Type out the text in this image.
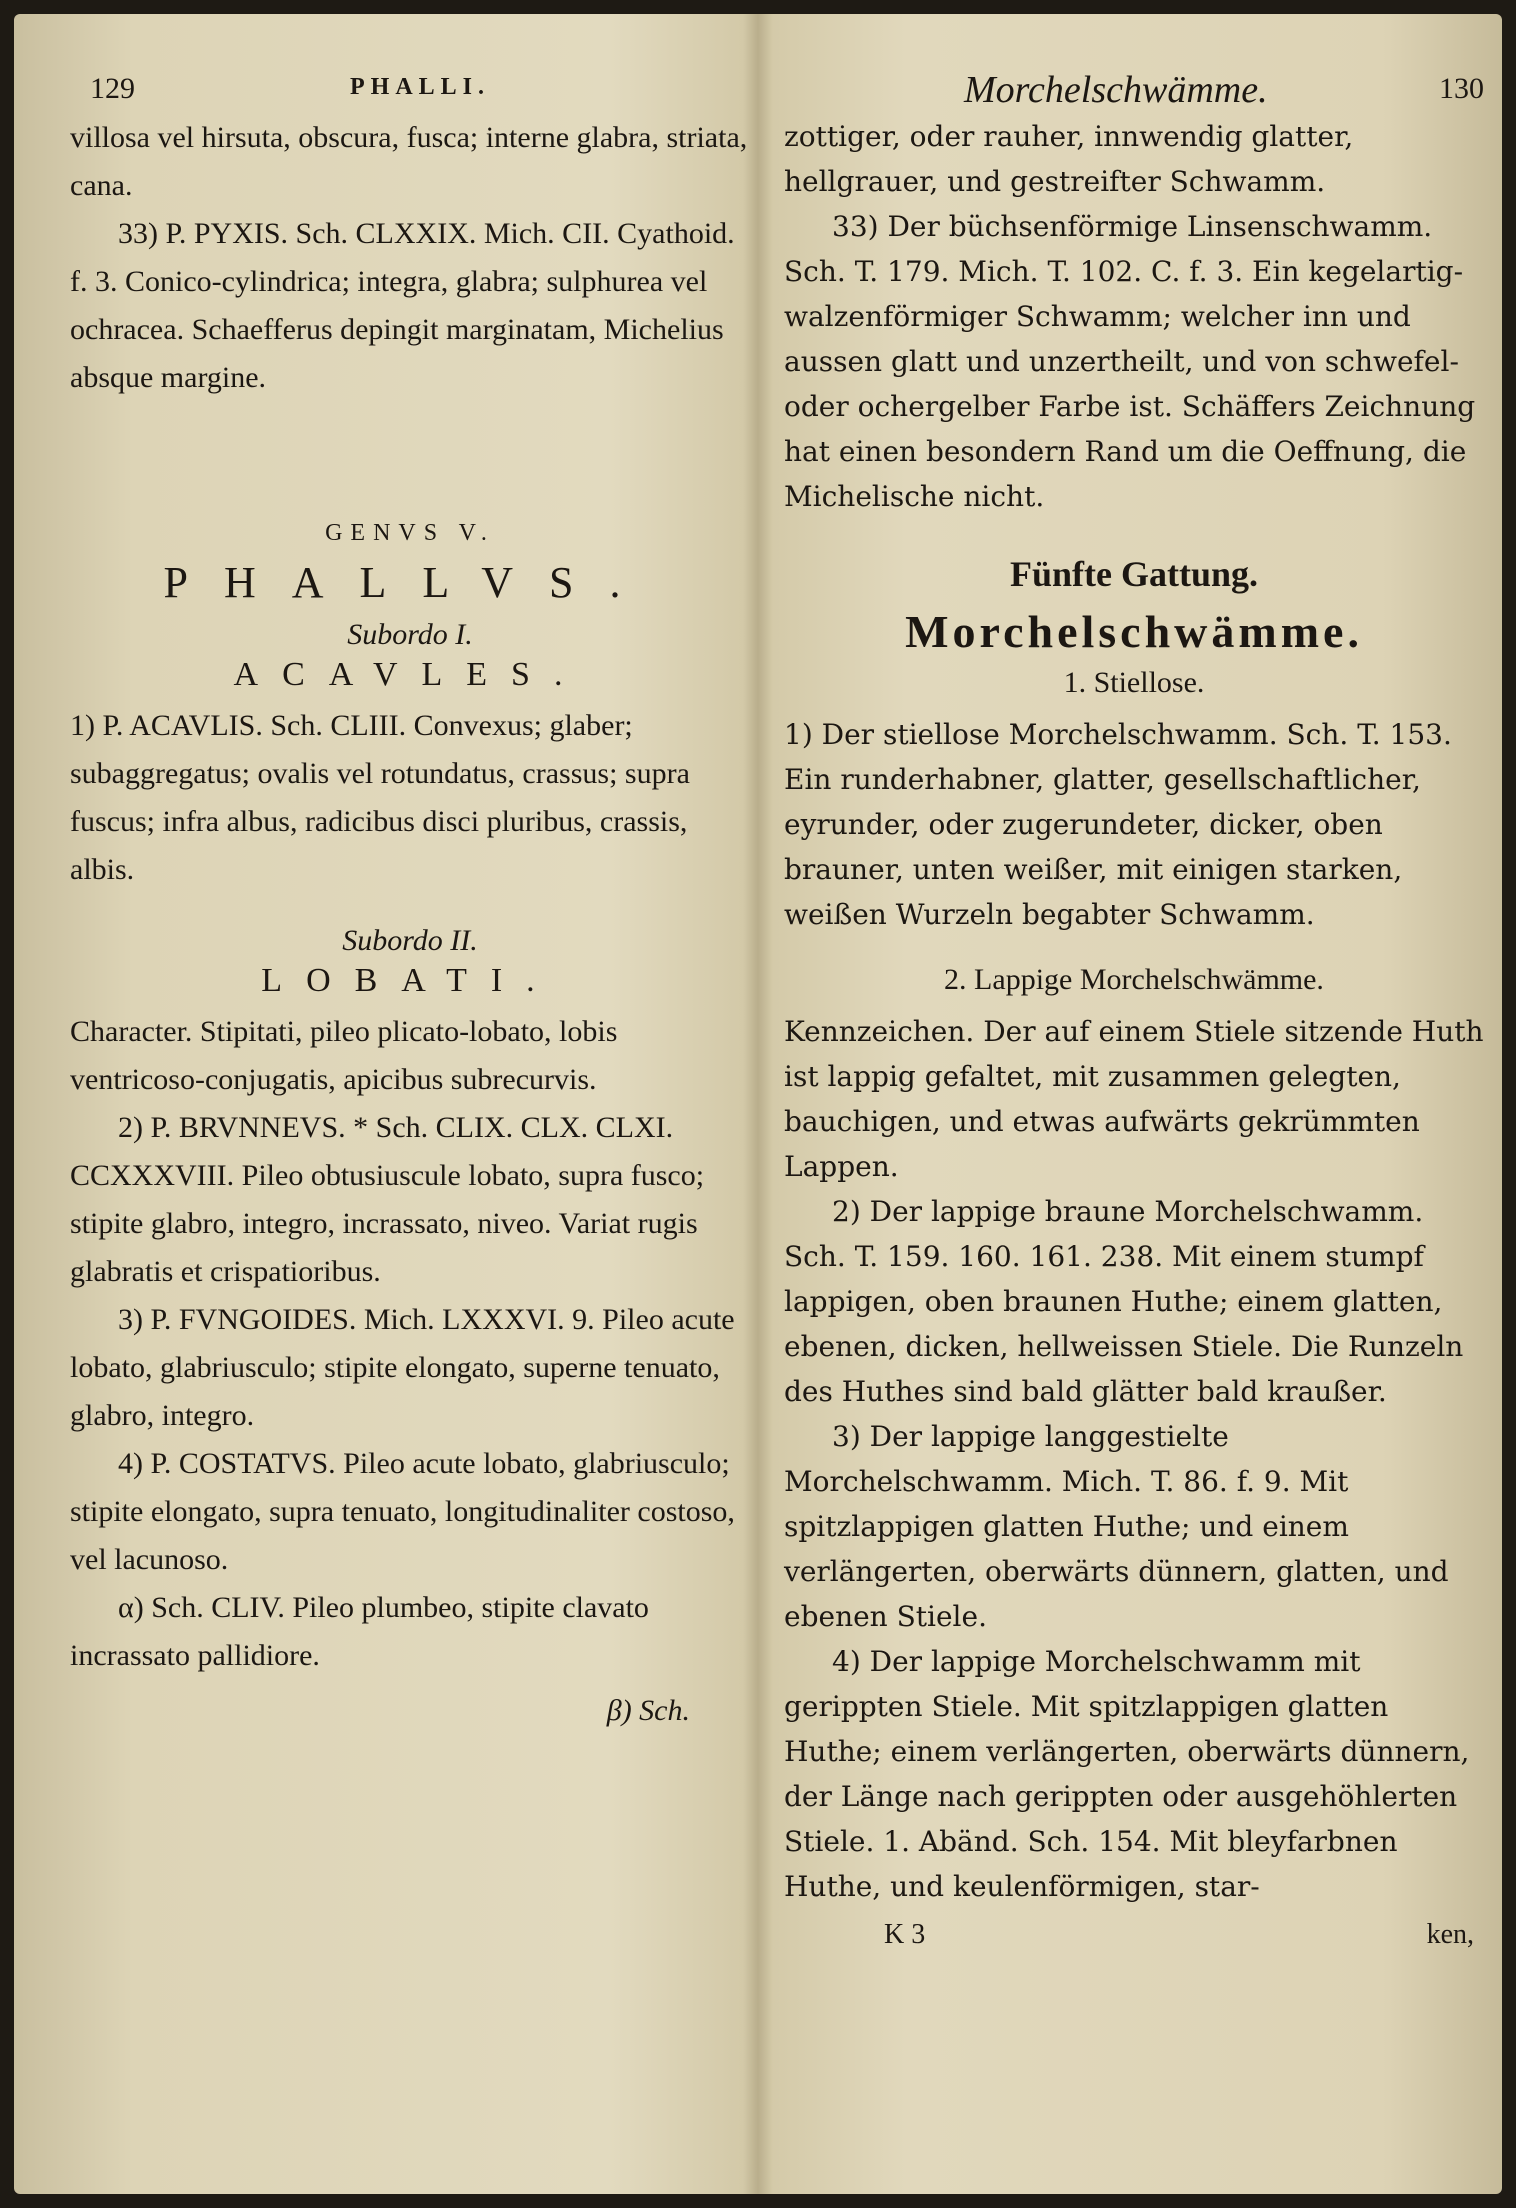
129	PHALLI.

villosa vel hirsuta, obscura, fusca; interne glabra, striata, cana.

33) P. PYXIS. Sch. CLXXIX. Mich. CII. Cyathoid. f. 3. Conico-cylindrica; integra, glabra; sulphurea vel ochracea. Schaefferus depingit marginatam, Michelius absque margine.

GENVS V.
PHALLVS.
Subordo I.
ACAVLES.

1) P. ACAVLIS. Sch. CLIII. Convexus; glaber; subaggregatus; ovalis vel rotundatus, crassus; supra fuscus; infra albus, radicibus disci pluribus, crassis, albis.

Subordo II.
LOBATI.

Character. Stipitati, pileo plicato-lobato, lobis ventricoso-conjugatis, apicibus subrecurvis.

2) P. BRVNNEVS. * Sch. CLIX. CLX. CLXI. CCXXXVIII. Pileo obtusiuscule lobato, supra fusco; stipite glabro, integro, incrassato, niveo. Variat rugis glabratis et crispatioribus.

3) P. FVNGOIDES. Mich. LXXXVI. 9. Pileo acute lobato, glabriusculo; stipite elongato, superne tenuato, glabro, integro.

4) P. COSTATVS. Pileo acute lobato, glabriusculo; stipite elongato, supra tenuato, longitudinaliter costoso, vel lacunoso.

α) Sch. CLIV. Pileo plumbeo, stipite clavato incrassato pallidiore.

β) Sch.
Morchelschwämme.	130

zottiger, oder rauher, innwendig glatter, hellgrauer, und gestreifter Schwamm.

33) Der büchsenförmige Linsenschwamm. Sch. T. 179. Mich. T. 102. C. f. 3. Ein kegelartig-walzenförmiger Schwamm; welcher inn und aussen glatt und unzertheilt, und von schwefel- oder ochergelber Farbe ist. Schäffers Zeichnung hat einen besondern Rand um die Oeffnung, die Michelische nicht.

Fünfte Gattung.
Morchelschwämme.
1. Stiellose.

1) Der stiellose Morchelschwamm. Sch. T. 153. Ein runderhabner, glatter, gesellschaftlicher, eyrunder, oder zugerundeter, dicker, oben brauner, unten weißer, mit einigen starken, weißen Wurzeln begabter Schwamm.

2. Lappige Morchelschwämme.

Kennzeichen. Der auf einem Stiele sitzende Huth ist lappig gefaltet, mit zusammen gelegten, bauchigen, und etwas aufwärts gekrümmten Lappen.

2) Der lappige braune Morchelschwamm. Sch. T. 159. 160. 161. 238. Mit einem stumpf lappigen, oben braunen Huthe; einem glatten, ebenen, dicken, hellweissen Stiele. Die Runzeln des Huthes sind bald glätter bald kraußer.

3) Der lappige langgestielte Morchelschwamm. Mich. T. 86. f. 9. Mit spitzlappigen glatten Huthe; und einem verlängerten, oberwärts dünnern, glatten, und ebenen Stiele.

4) Der lappige Morchelschwamm mit gerippten Stiele. Mit spitzlappigen glatten Huthe; einem verlängerten, oberwärts dünnern, der Länge nach gerippten oder ausgehöhlerten Stiele. 1. Abänd. Sch. 154. Mit bleyfarbnen Huthe, und keulenförmigen, star-

K 3	ken,
